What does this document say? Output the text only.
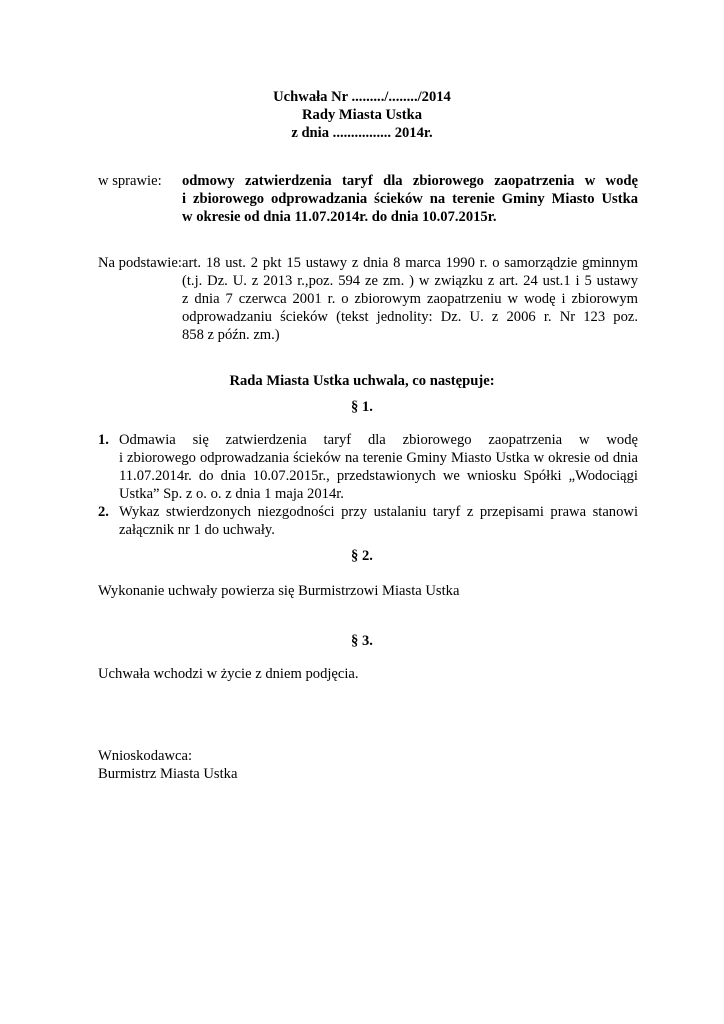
Uchwała Nr ........./......../2014
Rady Miasta Ustka
z dnia ................ 2014r.
w sprawie: odmowy zatwierdzenia taryf dla zbiorowego zaopatrzenia w wodę
i zbiorowego odprowadzania ścieków na terenie Gminy Miasto Ustka
w okresie od dnia 11.07.2014r. do dnia 10.07.2015r.
Na podstawie: art. 18 ust. 2 pkt 15 ustawy z dnia 8 marca 1990 r. o samorządzie gminnym
(t.j. Dz. U. z 2013 r.,poz. 594 ze zm. ) w związku z art. 24 ust.1 i 5 ustawy
z dnia 7 czerwca 2001 r. o zbiorowym zaopatrzeniu w wodę i zbiorowym
odprowadzaniu ścieków (tekst jednolity: Dz. U. z 2006 r. Nr 123 poz.
858 z późn. zm.)
Rada Miasta Ustka uchwala, co następuje:
§ 1.
1. Odmawia się zatwierdzenia taryf dla zbiorowego zaopatrzenia w wodę
i zbiorowego odprowadzania ścieków na terenie Gminy Miasto Ustka w okresie od dnia
11.07.2014r. do dnia 10.07.2015r., przedstawionych we wniosku Spółki „Wodociągi
Ustka” Sp. z o. o. z dnia 1 maja 2014r.
2. Wykaz stwierdzonych niezgodności przy ustalaniu taryf z przepisami prawa stanowi
załącznik nr 1 do uchwały.
§ 2.
Wykonanie uchwały powierza się Burmistrzowi Miasta Ustka
§ 3.
Uchwała wchodzi w życie z dniem podjęcia.
Wnioskodawca:
Burmistrz Miasta Ustka
